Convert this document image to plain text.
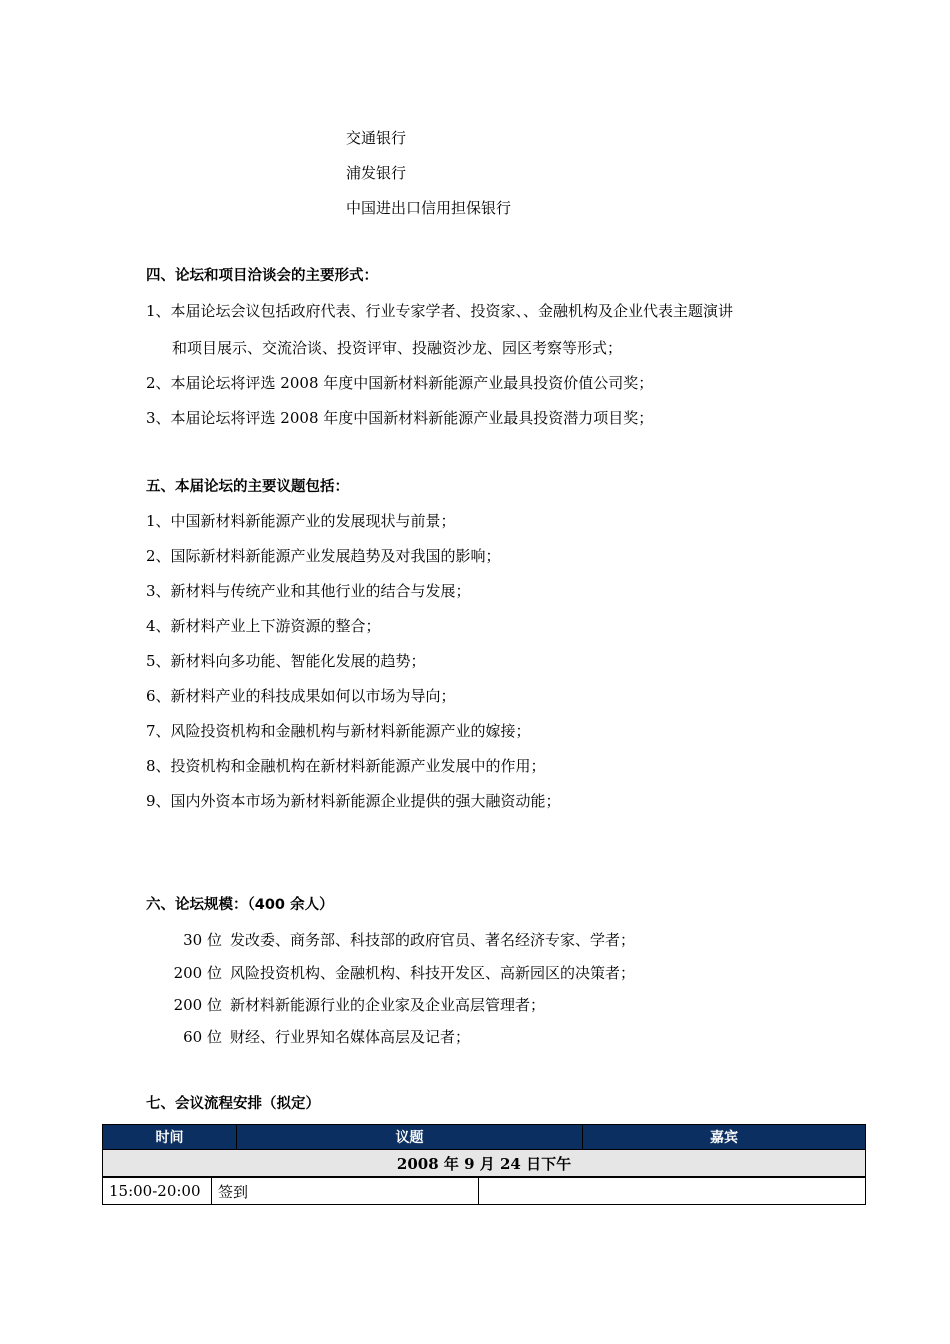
交通银行
浦发银行
中国进出口信用担保银行
四、论坛和项目洽谈会的主要形式：
1、本届论坛会议包括政府代表、行业专家学者、投资家、、金融机构及企业代表主题演讲
和项目展示、交流洽谈、投资评审、投融资沙龙、园区考察等形式；
2、本届论坛将评选 2008 年度中国新材料新能源产业最具投资价值公司奖；
3、本届论坛将评选 2008 年度中国新材料新能源产业最具投资潜力项目奖；
五、本届论坛的主要议题包括：
1、中国新材料新能源产业的发展现状与前景；
2、国际新材料新能源产业发展趋势及对我国的影响；
3、新材料与传统产业和其他行业的结合与发展；
4、新材料产业上下游资源的整合；
5、新材料向多功能、智能化发展的趋势；
6、新材料产业的科技成果如何以市场为导向；
7、风险投资机构和金融机构与新材料新能源产业的嫁接；
8、投资机构和金融机构在新材料新能源产业发展中的作用；
9、国内外资本市场为新材料新能源企业提供的强大融资动能；
六、论坛规模：（400 余人）
30 位 发改委、商务部、科技部的政府官员、著名经济专家、学者；
200 位 风险投资机构、金融机构、科技开发区、高新园区的决策者；
200 位 新材料新能源行业的企业家及企业高层管理者；
60 位 财经、行业界知名媒体高层及记者；
七、会议流程安排（拟定）
时间	议题	嘉宾
2008 年 9 月 24 日下午
15:00-20:00	签到	
